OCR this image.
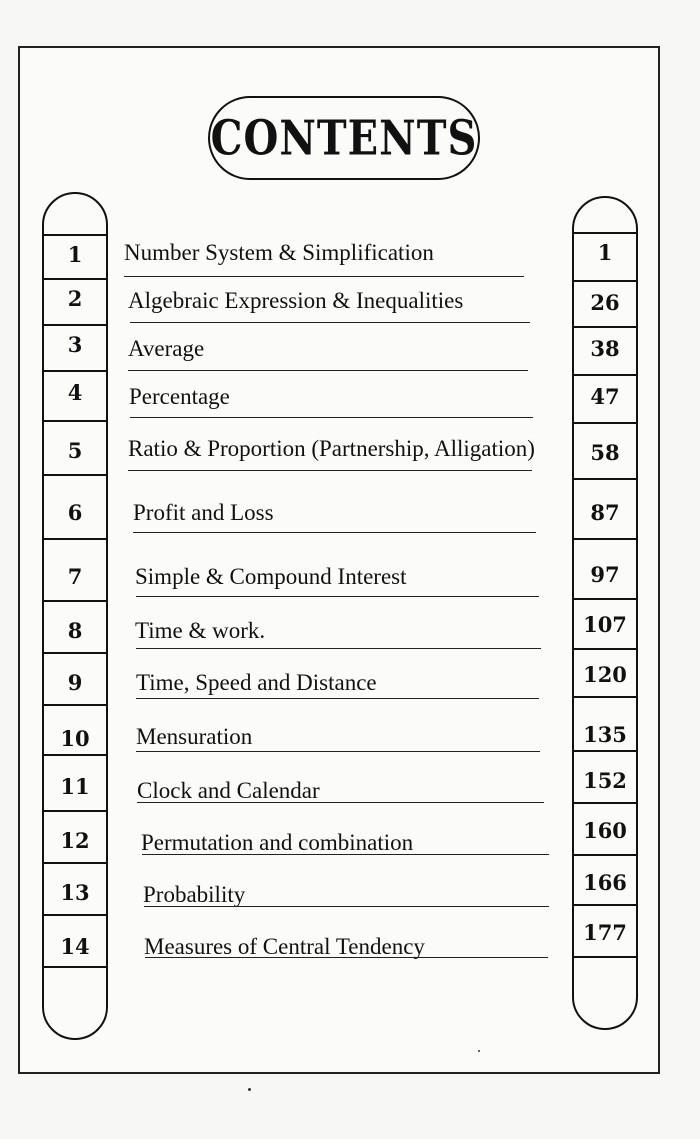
CONTENTS
1
2
3
4
5
6
7
8
9
10
11
12
13
14
1
26
38
47
58
87
97
107
120
135
152
160
166
177
Number System & Simplification
Algebraic Expression & Inequalities
Average
Percentage
Ratio & Proportion (Partnership, Alligation)
Profit and Loss
Simple & Compound Interest
Time & work.
Time, Speed and Distance
Mensuration
Clock and Calendar
Permutation and combination
Probability
Measures of Central Tendency
